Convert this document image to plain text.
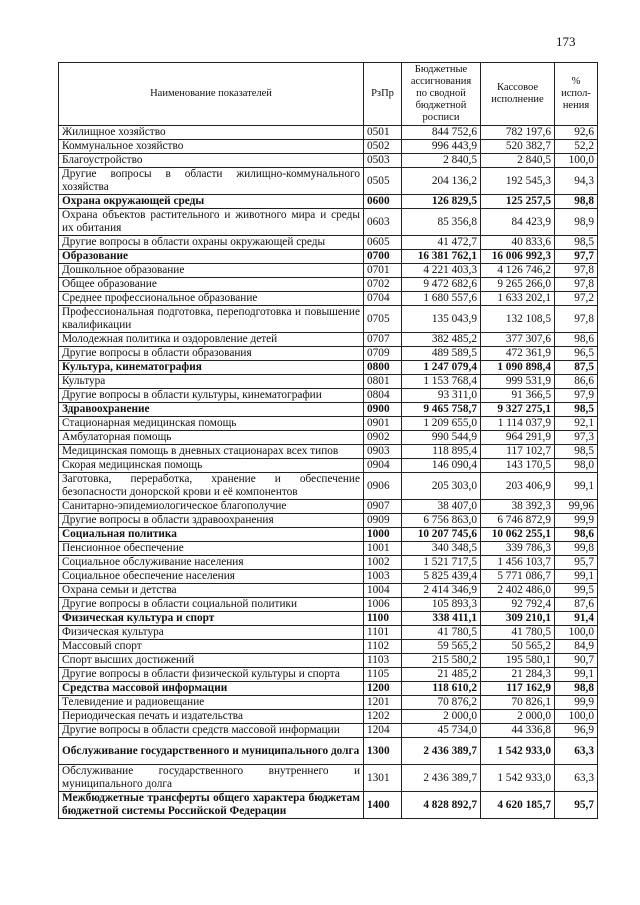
173
Наименование показателей	РзПр	Бюджетные ассигнования по сводной бюджетной росписи	Кассовое исполнение	% испол-нения
Жилищное хозяйство	0501	844 752,6	782 197,6	92,6
Коммунальное хозяйство	0502	996 443,9	520 382,7	52,2
Благоустройство	0503	2 840,5	2 840,5	100,0
Другие вопросы в области жилищно-коммунального хозяйства	0505	204 136,2	192 545,3	94,3
Охрана окружающей среды	0600	126 829,5	125 257,5	98,8
Охрана объектов растительного и животного мира и среды их обитания	0603	85 356,8	84 423,9	98,9
Другие вопросы в области охраны окружающей среды	0605	41 472,7	40 833,6	98,5
Образование	0700	16 381 762,1	16 006 992,3	97,7
Дошкольное образование	0701	4 221 403,3	4 126 746,2	97,8
Общее образование	0702	9 472 682,6	9 265 266,0	97,8
Среднее профессиональное образование	0704	1 680 557,6	1 633 202,1	97,2
Профессиональная подготовка, переподготовка и повышение квалификации	0705	135 043,9	132 108,5	97,8
Молодежная политика и оздоровление детей	0707	382 485,2	377 307,6	98,6
Другие вопросы в области образования	0709	489 589,5	472 361,9	96,5
Культура, кинематография	0800	1 247 079,4	1 090 898,4	87,5
Культура	0801	1 153 768,4	999 531,9	86,6
Другие вопросы в области культуры, кинематографии	0804	93 311,0	91 366,5	97,9
Здравоохранение	0900	9 465 758,7	9 327 275,1	98,5
Стационарная медицинская помощь	0901	1 209 655,0	1 114 037,9	92,1
Амбулаторная помощь	0902	990 544,9	964 291,9	97,3
Медицинская помощь в дневных стационарах всех типов	0903	118 895,4	117 102,7	98,5
Скорая медицинская помощь	0904	146 090,4	143 170,5	98,0
Заготовка, переработка, хранение и обеспечение безопасности донорской крови и её компонентов	0906	205 303,0	203 406,9	99,1
Санитарно-эпидемиологическое благополучие	0907	38 407,0	38 392,3	99,96
Другие вопросы в области здравоохранения	0909	6 756 863,0	6 746 872,9	99,9
Социальная политика	1000	10 207 745,6	10 062 255,1	98,6
Пенсионное обеспечение	1001	340 348,5	339 786,3	99,8
Социальное обслуживание населения	1002	1 521 717,5	1 456 103,7	95,7
Социальное обеспечение населения	1003	5 825 439,4	5 771 086,7	99,1
Охрана семьи и детства	1004	2 414 346,9	2 402 486,0	99,5
Другие вопросы в области социальной политики	1006	105 893,3	92 792,4	87,6
Физическая культура и спорт	1100	338 411,1	309 210,1	91,4
Физическая культура	1101	41 780,5	41 780,5	100,0
Массовый спорт	1102	59 565,2	50 565,2	84,9
Спорт высших достижений	1103	215 580,2	195 580,1	90,7
Другие вопросы в области физической культуры и спорта	1105	21 485,2	21 284,3	99,1
Средства массовой информации	1200	118 610,2	117 162,9	98,8
Телевидение и радиовещание	1201	70 876,2	70 826,1	99,9
Периодическая печать и издательства	1202	2 000,0	2 000,0	100,0
Другие вопросы в области средств массовой информации	1204	45 734,0	44 336,8	96,9
Обслуживание государственного и муниципального долга	1300	2 436 389,7	1 542 933,0	63,3
Обслуживание государственного внутреннего и муниципального долга	1301	2 436 389,7	1 542 933,0	63,3
Межбюджетные трансферты общего характера бюджетам бюджетной системы Российской Федерации	1400	4 828 892,7	4 620 185,7	95,7
